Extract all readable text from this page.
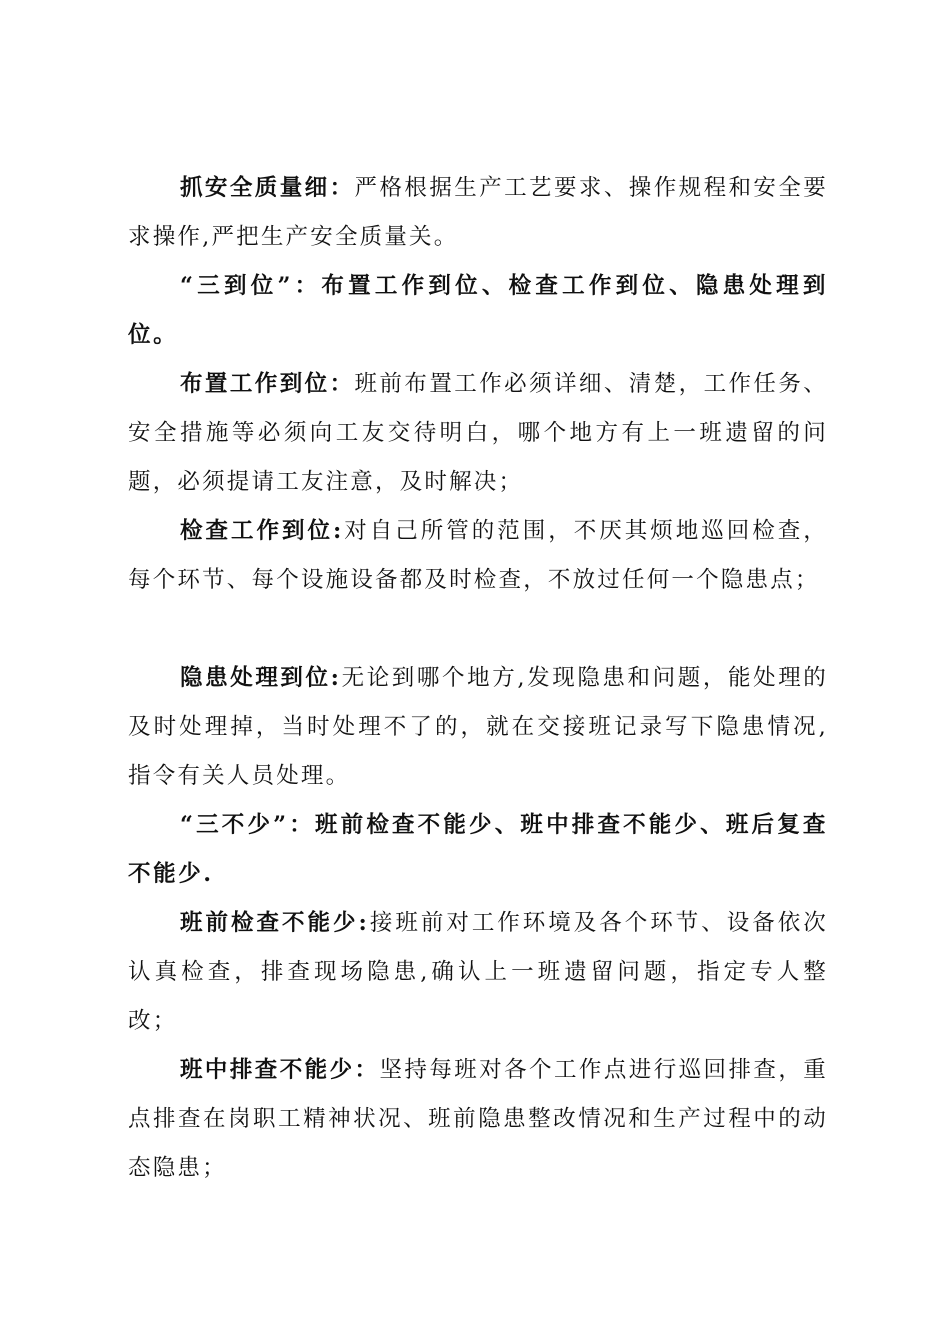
抓安全质量细：严格根据生产工艺要求、操作规程和安全要求操作,严把生产安全质量关。

“三到位”：布置工作到位、检查工作到位、隐患处理到位。

布置工作到位：班前布置工作必须详细、清楚，工作任务、安全措施等必须向工友交待明白，哪个地方有上一班遗留的问题，必须提请工友注意，及时解决；

检查工作到位:对自己所管的范围，不厌其烦地巡回检查，每个环节、每个设施设备都及时检查，不放过任何一个隐患点；

隐患处理到位:无论到哪个地方,发现隐患和问题，能处理的及时处理掉，当时处理不了的，就在交接班记录写下隐患情况,指令有关人员处理。

“三不少”：班前检查不能少、班中排查不能少、班后复查不能少.

班前检查不能少:接班前对工作环境及各个环节、设备依次认真检查，排查现场隐患,确认上一班遗留问题，指定专人整改；

班中排查不能少：坚持每班对各个工作点进行巡回排查，重点排查在岗职工精神状况、班前隐患整改情况和生产过程中的动态隐患；
